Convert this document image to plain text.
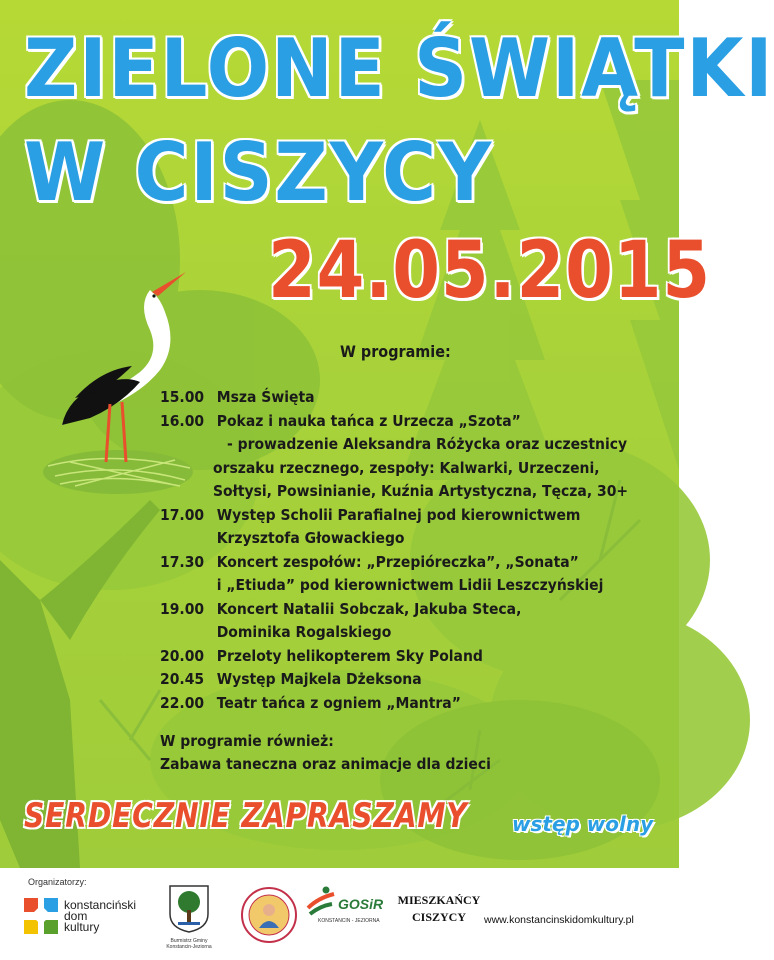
ZIELONE ŚWIĄTKI
W CISZYCY
24.05.2015
W programie:
15.00 Msza Święta
16.00 Pokaz i nauka tańca z Urzecza „Szota”
- prowadzenie Aleksandra Różycka oraz uczestnicy
orszaku rzecznego, zespoły: Kalwarki, Urzeczeni,
Sołtysi, Powsinianie, Kuźnia Artystyczna, Tęcza, 30+
17.00 Występ Scholii Parafialnej pod kierownictwem
Krzysztofa Głowackiego
17.30 Koncert zespołów: „Przepióreczka”, „Sonata”
i „Etiuda” pod kierownictwem Lidii Leszczyńskiej
19.00 Koncert Natalii Sobczak, Jakuba Steca,
Dominika Rogalskiego
20.00 Przeloty helikopterem Sky Poland
20.45 Występ Majkela Dżeksona
22.00 Teatr tańca z ogniem „Mantra”
W programie również:
Zabawa taneczna oraz animacje dla dzieci
SERDECZNIE ZAPRASZAMY wstęp wolny
Organizatorzy:
konstanciński
dom
kultury
Burmistrz Gminy Konstancin-Jeziorna
GOSiR
KONSTANCIN - JEZIORNA
MIESZKAŃCY
CISZYCY	www.konstancinskidomkultury.pl
